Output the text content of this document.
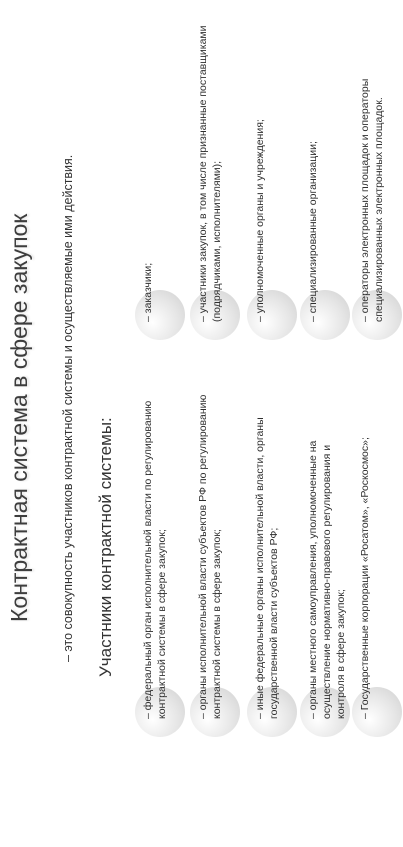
Контрактная система в сфере закупок – это совокупность участников контрактной системы и осуществляемые ими действия. Участники контрактной системы:	– федеральный орган исполнительной власти по регулированию контрактной системы в сфере закупок;	– органы исполнительной власти субъектов РФ по регулированию контрактной системы в сфере закупок;	– иные федеральные органы исполнительной власти, органы государственной власти субъектов РФ;	– органы местного самоуправления, уполномоченные на осуществление нормативно-правового регулирования и контроля в сфере закупок; – Государственные корпорации «Росатом», «Роскосмос»;
– заказчики;	– участники закупок, в том числе признанные поставщиками (подрядчиками, исполнителями);	– уполномоченные органы и учреждения;	– специализированные организации;	– операторы электронных площадок и операторы специализированных электронных площадок.
